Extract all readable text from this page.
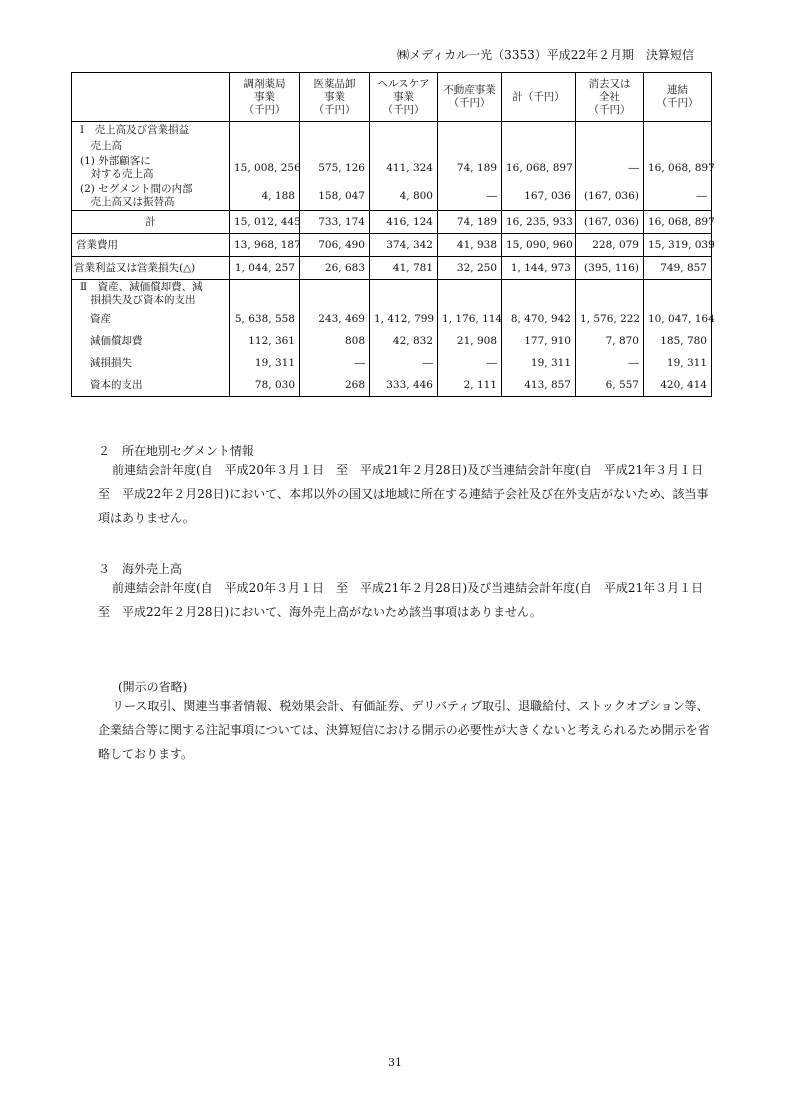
㈱メディカル一光（3353）平成22年２月期　決算短信
	調剤薬局
事業
（千円）	医薬品卸
事業
（千円）	ヘルスケア
事業
（千円）	不動産事業
（千円）	計（千円）	消去又は
全社
（千円）	連結
（千円）
Ⅰ　売上高及び営業損益							
　売上高							
(1) 外部顧客に
　対する売上高	15, 008, 256	575, 126	411, 324	74, 189	16, 068, 897	―	16, 068, 897
(2) セグメント間の内部
　売上高又は振替高	4, 188	158, 047	4, 800	―	167, 036	(167, 036)	―
計	15, 012, 445	733, 174	416, 124	74, 189	16, 235, 933	(167, 036)	16, 068, 897
営業費用	13, 968, 187	706, 490	374, 342	41, 938	15, 090, 960	228, 079	15, 319, 039
営業利益又は営業損失(△)	1, 044, 257	26, 683	41, 781	32, 250	1, 144, 973	(395, 116)	749, 857
Ⅱ　資産、減価償却費、減
　損損失及び資本的支出							
資産	5, 638, 558	243, 469	1, 412, 799	1, 176, 114	8, 470, 942	1, 576, 222	10, 047, 164
減価償却費	112, 361	808	42, 832	21, 908	177, 910	7, 870	185, 780
減損損失	19, 311	―	―	―	19, 311	―	19, 311
資本的支出	78, 030	268	333, 446	2, 111	413, 857	6, 557	420, 414
２　所在地別セグメント情報

前連結会計年度(自　平成20年３月１日　至　平成21年２月28日)及び当連結会計年度(自　平成21年３月１日　至　平成22年２月28日)において、本邦以外の国又は地域に所在する連結子会社及び在外支店がないため、該当事項はありません。

３　海外売上高

前連結会計年度(自　平成20年３月１日　至　平成21年２月28日)及び当連結会計年度(自　平成21年３月１日　至　平成22年２月28日)において、海外売上高がないため該当事項はありません。

(開示の省略)

リース取引、関連当事者情報、税効果会計、有価証券、デリバティブ取引、退職給付、ストックオプション等、企業結合等に関する注記事項については、決算短信における開示の必要性が大きくないと考えられるため開示を省略しております。

31
